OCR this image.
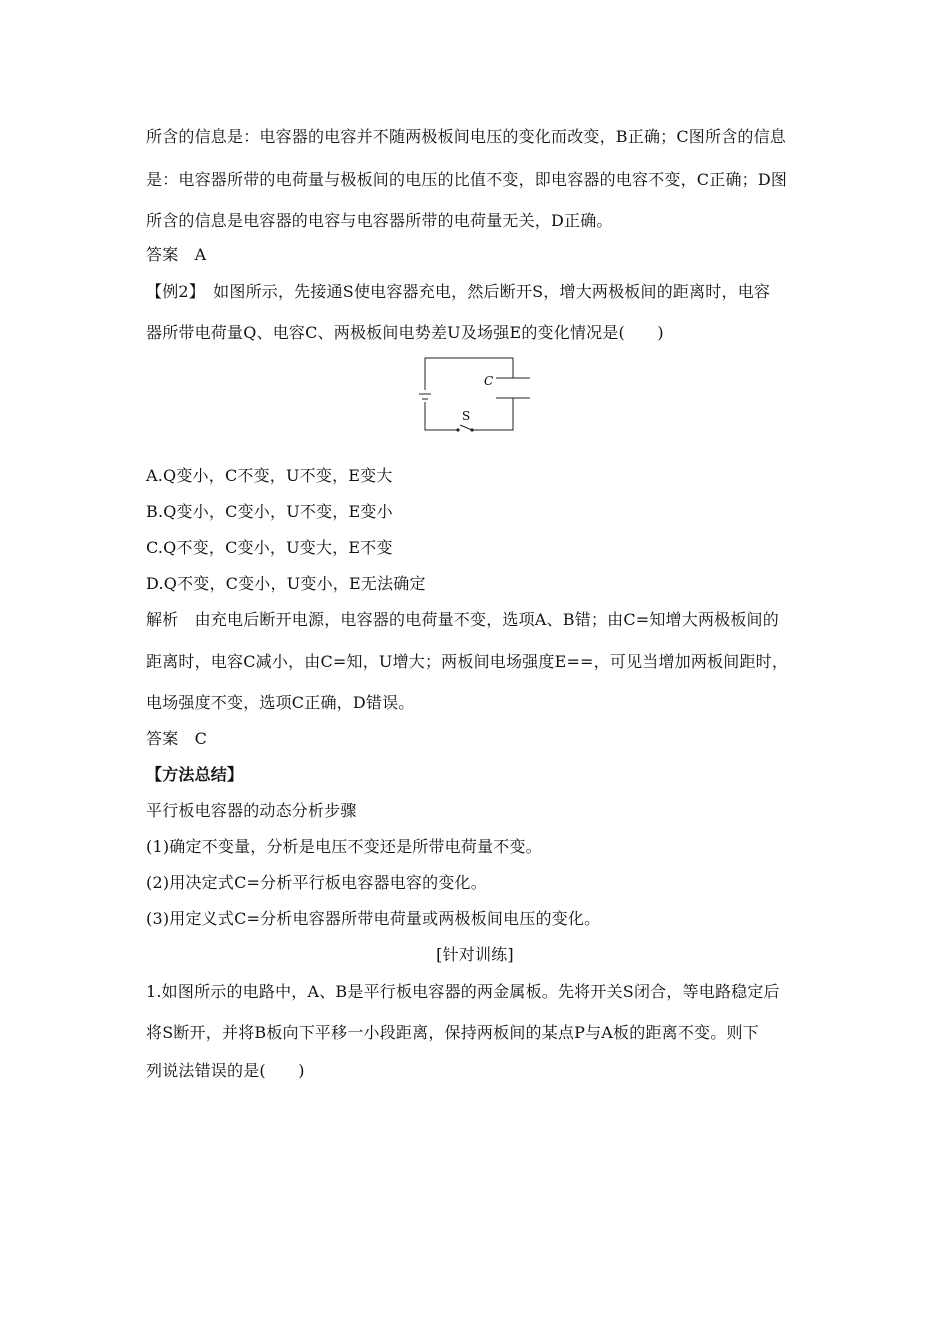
所含的信息是：电容器的电容并不随两极板间电压的变化而改变，B正确；C图所含的信息
是：电容器所带的电荷量与极板间的电压的比值不变，即电容器的电容不变，C正确；D图
所含的信息是电容器的电容与电容器所带的电荷量无关，D正确。
答案　A
【例2】　如图所示，先接通S使电容器充电，然后断开S，增大两极板间的距离时，电容
器所带电荷量Q、电容C、两极板间电势差U及场强E的变化情况是(　　)
C
S
A.Q变小，C不变，U不变，E变大
B.Q变小，C变小，U不变，E变小
C.Q不变，C变小，U变大，E不变
D.Q不变，C变小，U变小，E无法确定
解析　由充电后断开电源，电容器的电荷量不变，选项A、B错；由C=知增大两极板间的
距离时，电容C减小，由C=知，U增大；两板间电场强度E==，可见当增加两板间距时，
电场强度不变，选项C正确，D错误。
答案　C
【方法总结】
平行板电容器的动态分析步骤
(1)确定不变量，分析是电压不变还是所带电荷量不变。
(2)用决定式C=分析平行板电容器电容的变化。
(3)用定义式C=分析电容器所带电荷量或两极板间电压的变化。
[针对训练]
1.如图所示的电路中，A、B是平行板电容器的两金属板。先将开关S闭合，等电路稳定后
将S断开，并将B板向下平移一小段距离，保持两板间的某点P与A板的距离不变。则下
列说法错误的是(　　)
